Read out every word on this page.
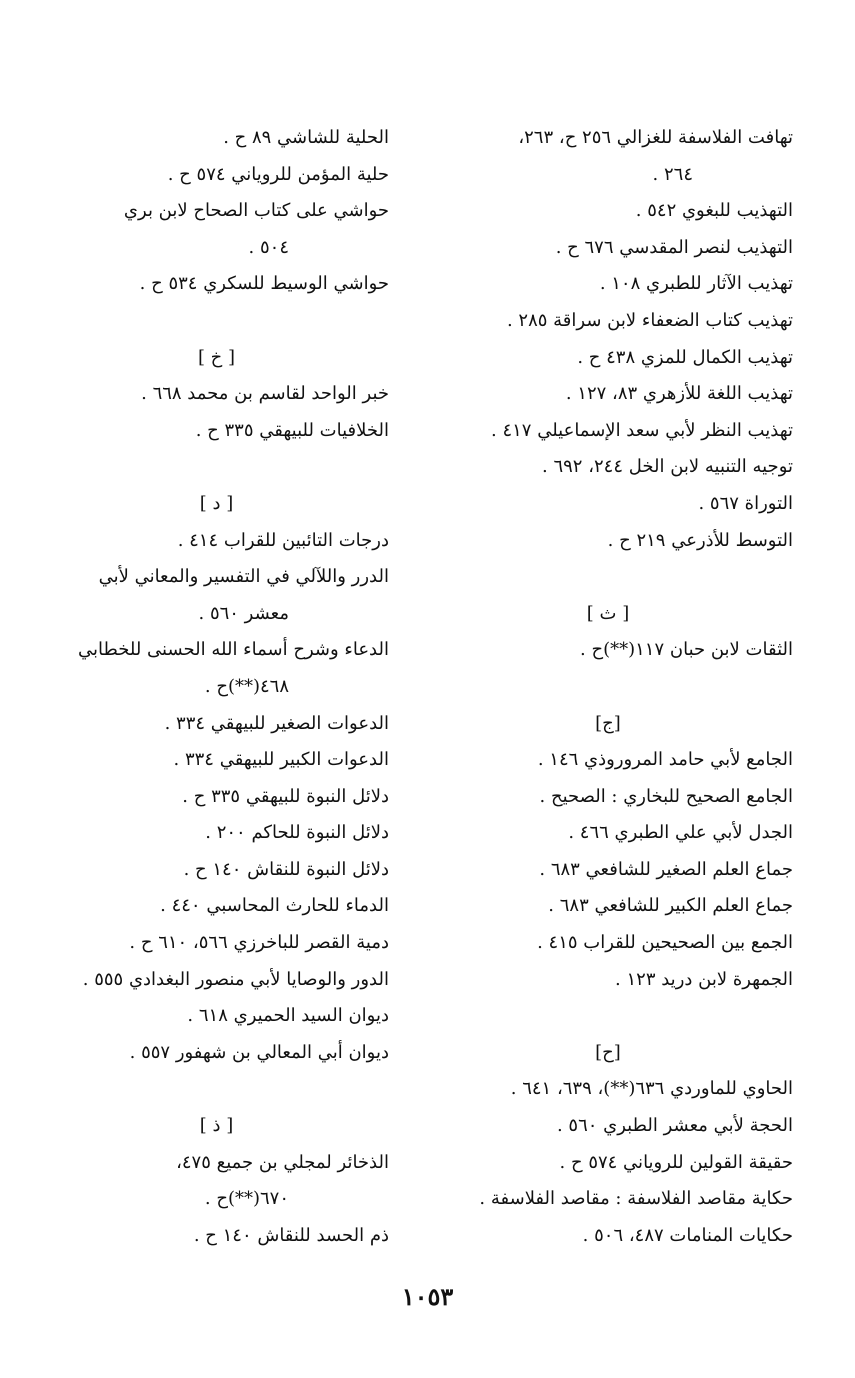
تهافت الفلاسفة للغزالي ٢٥٦ ح، ٢٦٣،
٢٦٤ .
التهذيب للبغوي ٥٤٢ .
التهذيب لنصر المقدسي ٦٧٦ ح .
تهذيب الآثار للطبري ١٠٨ .
تهذيب كتاب الضعفاء لابن سراقة ٢٨٥ .
تهذيب الكمال للمزي ٤٣٨ ح .
تهذيب اللغة للأزهري ٨٣، ١٢٧ .
تهذيب النظر لأبي سعد الإسماعيلي ٤١٧ .
توجيه التنبيه لابن الخل ٢٤٤، ٦٩٢ .
التوراة ٥٦٧ .
التوسط للأذرعي ٢١٩ ح .
[ ث ]
الثقات لابن حبان ١١٧(**)ح .
[ج]
الجامع لأبي حامد المروروذي ١٤٦ .
الجامع الصحيح للبخاري : الصحيح .
الجدل لأبي علي الطبري ٤٦٦ .
جماع العلم الصغير للشافعي ٦٨٣ .
جماع العلم الكبير للشافعي ٦٨٣ .
الجمع بين الصحيحين للقراب ٤١٥ .
الجمهرة لابن دريد ١٢٣ .
[ح]
الحاوي للماوردي ٦٣٦(**)، ٦٣٩، ٦٤١ .
الحجة لأبي معشر الطبري ٥٦٠ .
حقيقة القولين للروياني ٥٧٤ ح .
حكاية مقاصد الفلاسفة : مقاصد الفلاسفة .
حكايات المنامات ٤٨٧، ٥٠٦ .
الحلية للشاشي ٨٩ ح .
حلية المؤمن للروياني ٥٧٤ ح .
حواشي على كتاب الصحاح لابن بري
٥٠٤ .
حواشي الوسيط للسكري ٥٣٤ ح .
[ خ ]
خبر الواحد لقاسم بن محمد ٦٦٨ .
الخلافيات للبيهقي ٣٣٥ ح .
[ د ]
درجات التائبين للقراب ٤١٤ .
الدرر واللآلي في التفسير والمعاني لأبي
معشر ٥٦٠ .
الدعاء وشرح أسماء الله الحسنى للخطابي
٤٦٨(**)ح .
الدعوات الصغير للبيهقي ٣٣٤ .
الدعوات الكبير للبيهقي ٣٣٤ .
دلائل النبوة للبيهقي ٣٣٥ ح .
دلائل النبوة للحاكم ٢٠٠ .
دلائل النبوة للنقاش ١٤٠ ح .
الدماء للحارث المحاسبي ٤٤٠ .
دمية القصر للباخرزي ٥٦٦، ٦١٠ ح .
الدور والوصايا لأبي منصور البغدادي ٥٥٥ .
ديوان السيد الحميري ٦١٨ .
ديوان أبي المعالي بن شهفور ٥٥٧ .
[ ذ ]
الذخائر لمجلي بن جميع ٤٧٥،
٦٧٠(**)ح .
ذم الحسد للنقاش ١٤٠ ح .
١٠٥٣
